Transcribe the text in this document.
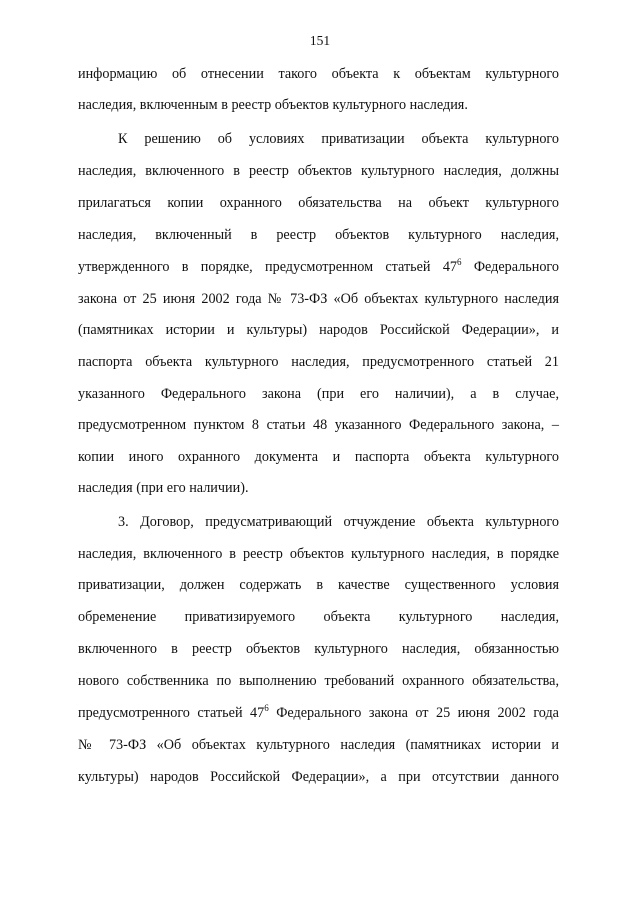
151
информацию об отнесении такого объекта к объектам культурного
наследия, включенным в реестр объектов культурного наследия.
К решению об условиях приватизации объекта культурного
наследия, включенного в реестр объектов культурного наследия, должны
прилагаться копии охранного обязательства на объект культурного
наследия, включенный в реестр объектов культурного наследия,
утвержденного в порядке, предусмотренном статьей $47^6$ Федерального
закона от 25 июня 2002 года № 73-ФЗ «Об объектах культурного наследия
(памятниках истории и культуры) народов Российской Федерации», и
паспорта объекта культурного наследия, предусмотренного статьей 21
указанного Федерального закона (при его наличии), а в случае,
предусмотренном пунктом 8 статьи 48 указанного Федерального закона, –
копии иного охранного документа и паспорта объекта культурного
наследия (при его наличии).
3. Договор, предусматривающий отчуждение объекта культурного
наследия, включенного в реестр объектов культурного наследия, в порядке
приватизации, должен содержать в качестве существенного условия
обременение приватизируемого объекта культурного наследия,
включенного в реестр объектов культурного наследия, обязанностью
нового собственника по выполнению требований охранного обязательства,
предусмотренного статьей $47^6$ Федерального закона от 25 июня 2002 года
№ 73-ФЗ «Об объектах культурного наследия (памятниках истории и
культуры) народов Российской Федерации», а при отсутствии данного
